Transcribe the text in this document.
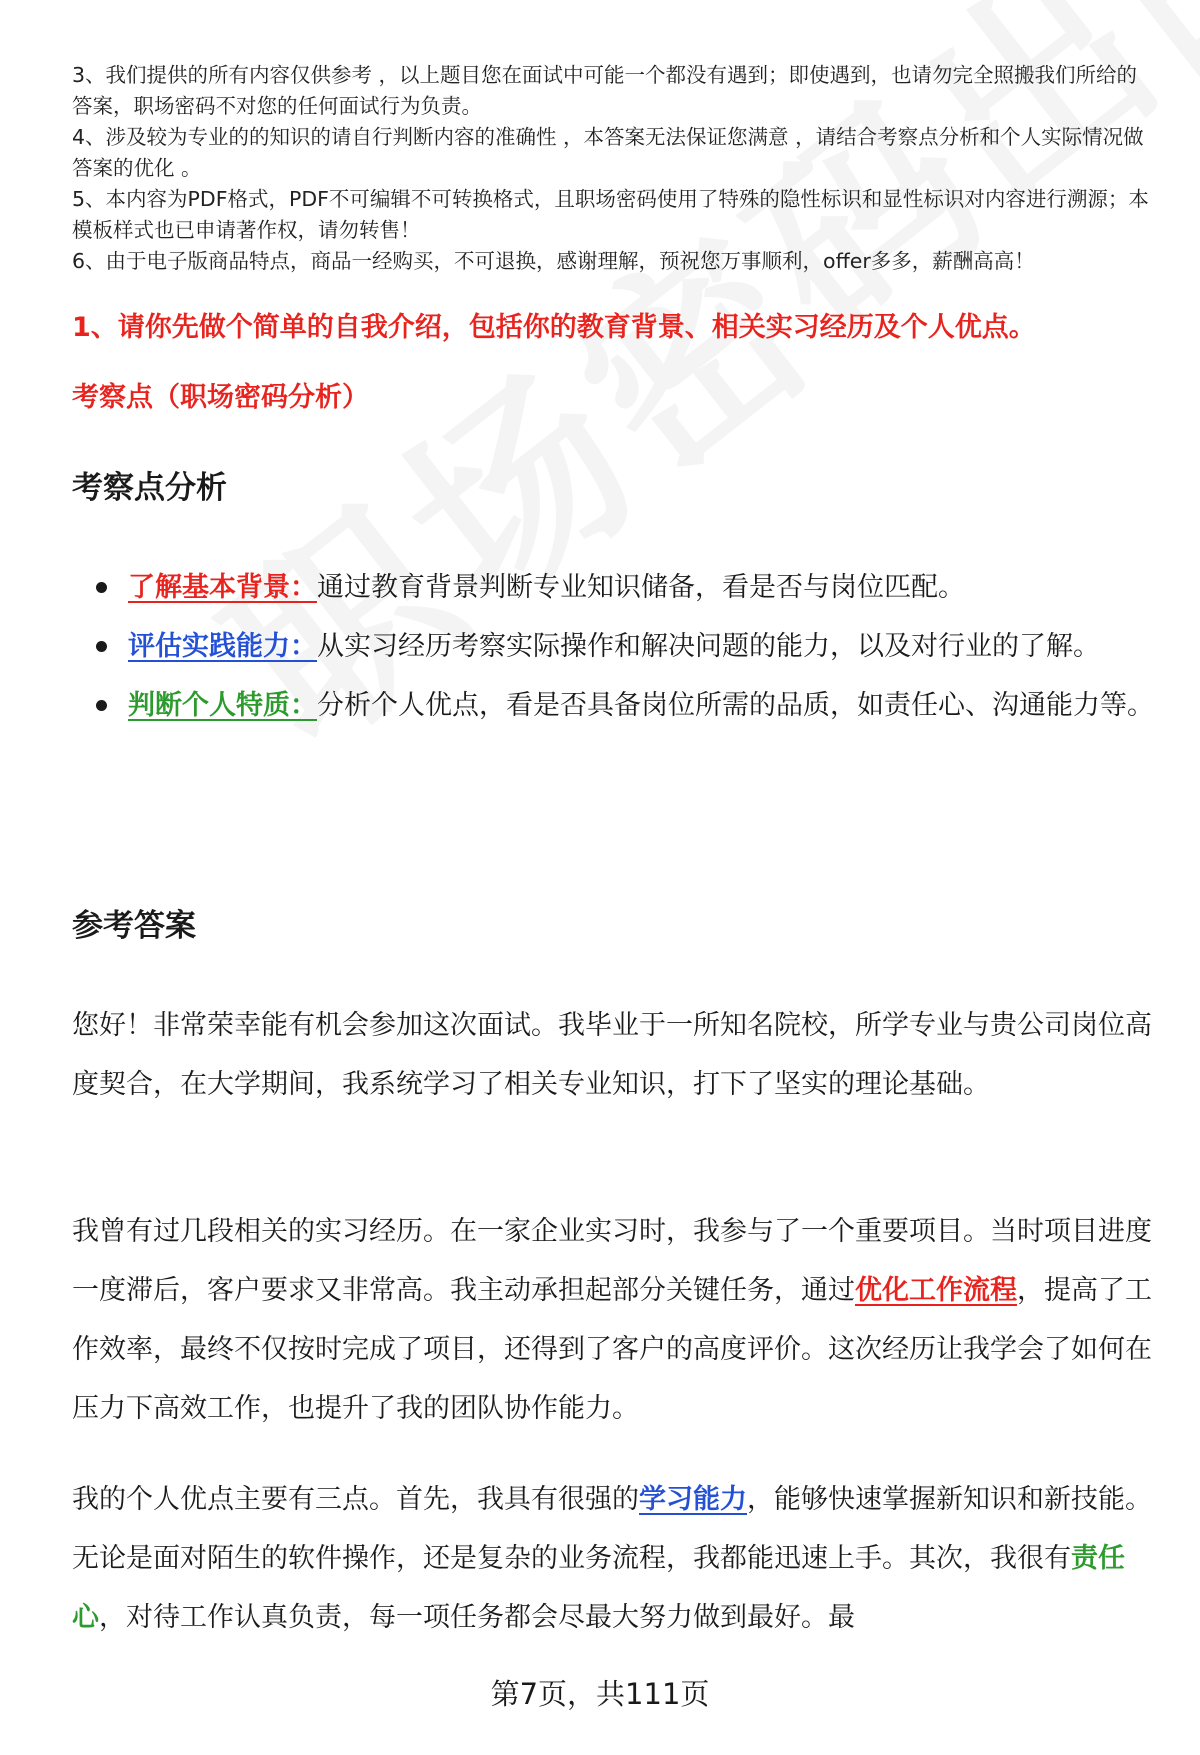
3、我们提供的所有内容仅供参考 ，以上题目您在面试中可能一个都没有遇到；即使遇到，也请勿完全照搬我们所给的答案，职场密码不对您的任何面试行为负责。

4、涉及较为专业的的知识的请自行判断内容的准确性 ，本答案无法保证您满意 ，请结合考察点分析和个人实际情况做答案的优化 。

5、本内容为PDF格式，PDF不可编辑不可转换格式，且职场密码使用了特殊的隐性标识和显性标识对内容进行溯源；本模板样式也已申请著作权，请勿转售！

6、由于电子版商品特点，商品一经购买，不可退换，感谢理解，预祝您万事顺利，offer多多，薪酬高高！

1、请你先做个简单的自我介绍，包括你的教育背景、相关实习经历及个人优点。
考察点（职场密码分析）
考察点分析
了解基本背景：通过教育背景判断专业知识储备，看是否与岗位匹配。
评估实践能力：从实习经历考察实际操作和解决问题的能力，以及对行业的了解。
判断个人特质：分析个人优点，看是否具备岗位所需的品质，如责任心、沟通能力等。
参考答案
您好！非常荣幸能有机会参加这次面试。我毕业于一所知名院校，所学专业与贵公司岗位高度契合，在大学期间，我系统学习了相关专业知识，打下了坚实的理论基础。
我曾有过几段相关的实习经历。在一家企业实习时，我参与了一个重要项目。当时项目进度一度滞后，客户要求又非常高。我主动承担起部分关键任务，通过优化工作流程，提高了工作效率，最终不仅按时完成了项目，还得到了客户的高度评价。这次经历让我学会了如何在压力下高效工作，也提升了我的团队协作能力。
我的个人优点主要有三点。首先，我具有很强的学习能力，能够快速掌握新知识和新技能。无论是面对陌生的软件操作，还是复杂的业务流程，我都能迅速上手。其次，我很有责任心，对待工作认真负责，每一项任务都会尽最大努力做到最好。最
第7页，共111页
